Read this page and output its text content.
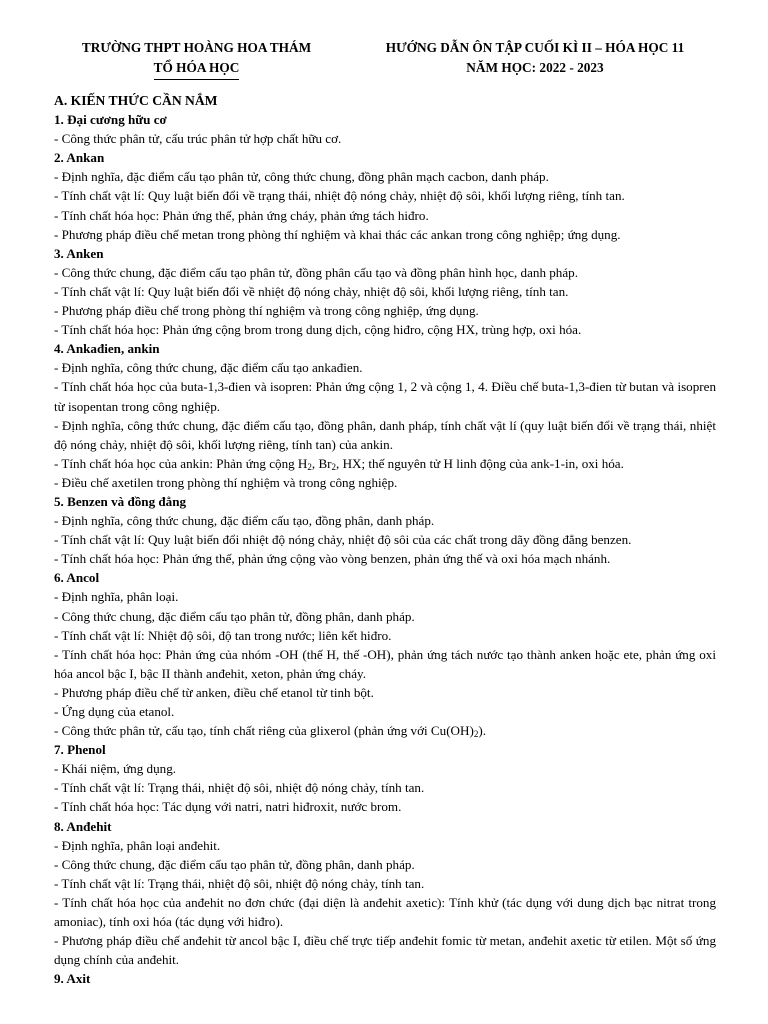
TRƯỜNG THPT HOÀNG HOA THÁM
TỔ HÓA HỌC
HƯỚNG DẪN ÔN TẬP CUỐI KÌ II – HÓA HỌC 11
NĂM HỌC: 2022 - 2023
A. KIẾN THỨC CẦN NẮM
1. Đại cương hữu cơ
- Công thức phân tử, cấu trúc phân tử hợp chất hữu cơ.
2. Ankan
- Định nghĩa, đặc điểm cấu tạo phân tử, công thức chung, đồng phân mạch cacbon, danh pháp.
- Tính chất vật lí: Quy luật biến đổi về trạng thái, nhiệt độ nóng chảy, nhiệt độ sôi, khối lượng riêng, tính tan.
- Tính chất hóa học: Phản ứng thế, phản ứng cháy, phản ứng tách hiđro.
- Phương pháp điều chế metan trong phòng thí nghiệm và khai thác các ankan trong công nghiệp; ứng dụng.
3. Anken
- Công thức chung, đặc điểm cấu tạo phân tử, đồng phân cấu tạo và đồng phân hình học, danh pháp.
- Tính chất vật lí: Quy luật biến đổi về nhiệt độ nóng chảy, nhiệt độ sôi, khối lượng riêng, tính tan.
- Phương pháp điều chế trong phòng thí nghiệm và trong công nghiệp, ứng dụng.
- Tính chất hóa học: Phản ứng cộng brom trong dung dịch, cộng hiđro, cộng HX, trùng hợp, oxi hóa.
4. Ankađien, ankin
- Định nghĩa, công thức chung, đặc điểm cấu tạo ankađien.
- Tính chất hóa học của buta-1,3-đien và isopren: Phản ứng cộng 1, 2 và cộng 1, 4. Điều chế buta-1,3-đien từ butan và isopren từ isopentan trong công nghiệp.
- Định nghĩa, công thức chung, đặc điểm cấu tạo, đồng phân, danh pháp, tính chất vật lí (quy luật biến đổi về trạng thái, nhiệt độ nóng chảy, nhiệt độ sôi, khối lượng riêng, tính tan) của ankin.
- Tính chất hóa học của ankin: Phản ứng cộng $H_2$, $Br_2$, HX; thế nguyên tử H linh động của ank-1-in, oxi hóa.
- Điều chế axetilen trong phòng thí nghiệm và trong công nghiệp.
5. Benzen và đồng đẳng
- Định nghĩa, công thức chung, đặc điểm cấu tạo, đồng phân, danh pháp.
- Tính chất vật lí: Quy luật biến đổi nhiệt độ nóng chảy, nhiệt độ sôi của các chất trong dãy đồng đẳng benzen.
- Tính chất hóa học: Phản ứng thế, phản ứng cộng vào vòng benzen, phản ứng thế và oxi hóa mạch nhánh.
6. Ancol
- Định nghĩa, phân loại.
- Công thức chung, đặc điểm cấu tạo phân tử, đồng phân, danh pháp.
- Tính chất vật lí: Nhiệt độ sôi, độ tan trong nước; liên kết hiđro.
- Tính chất hóa học: Phản ứng của nhóm -OH (thế H, thế -OH), phản ứng tách nước tạo thành anken hoặc ete, phản ứng oxi hóa ancol bậc I, bậc II thành anđehit, xeton, phản ứng cháy.
- Phương pháp điều chế từ anken, điều chế etanol từ tinh bột.
- Ứng dụng của etanol.
- Công thức phân tử, cấu tạo, tính chất riêng của glixerol (phản ứng với $Cu(OH)_2$).
7. Phenol
- Khái niệm, ứng dụng.
- Tính chất vật lí: Trạng thái, nhiệt độ sôi, nhiệt độ nóng chảy, tính tan.
- Tính chất hóa học: Tác dụng với natri, natri hiđroxit, nước brom.
8. Anđehit
- Định nghĩa, phân loại anđehit.
- Công thức chung, đặc điểm cấu tạo phân tử, đồng phân, danh pháp.
- Tính chất vật lí: Trạng thái, nhiệt độ sôi, nhiệt độ nóng chảy, tính tan.
- Tính chất hóa học của anđehit no đơn chức (đại diện là anđehit axetic): Tính khử (tác dụng với dung dịch bạc nitrat trong amoniac), tính oxi hóa (tác dụng với hiđro).
- Phương pháp điều chế anđehit từ ancol bậc I, điều chế trực tiếp anđehit fomic từ metan, anđehit axetic từ etilen. Một số ứng dụng chính của anđehit.
9. Axit
